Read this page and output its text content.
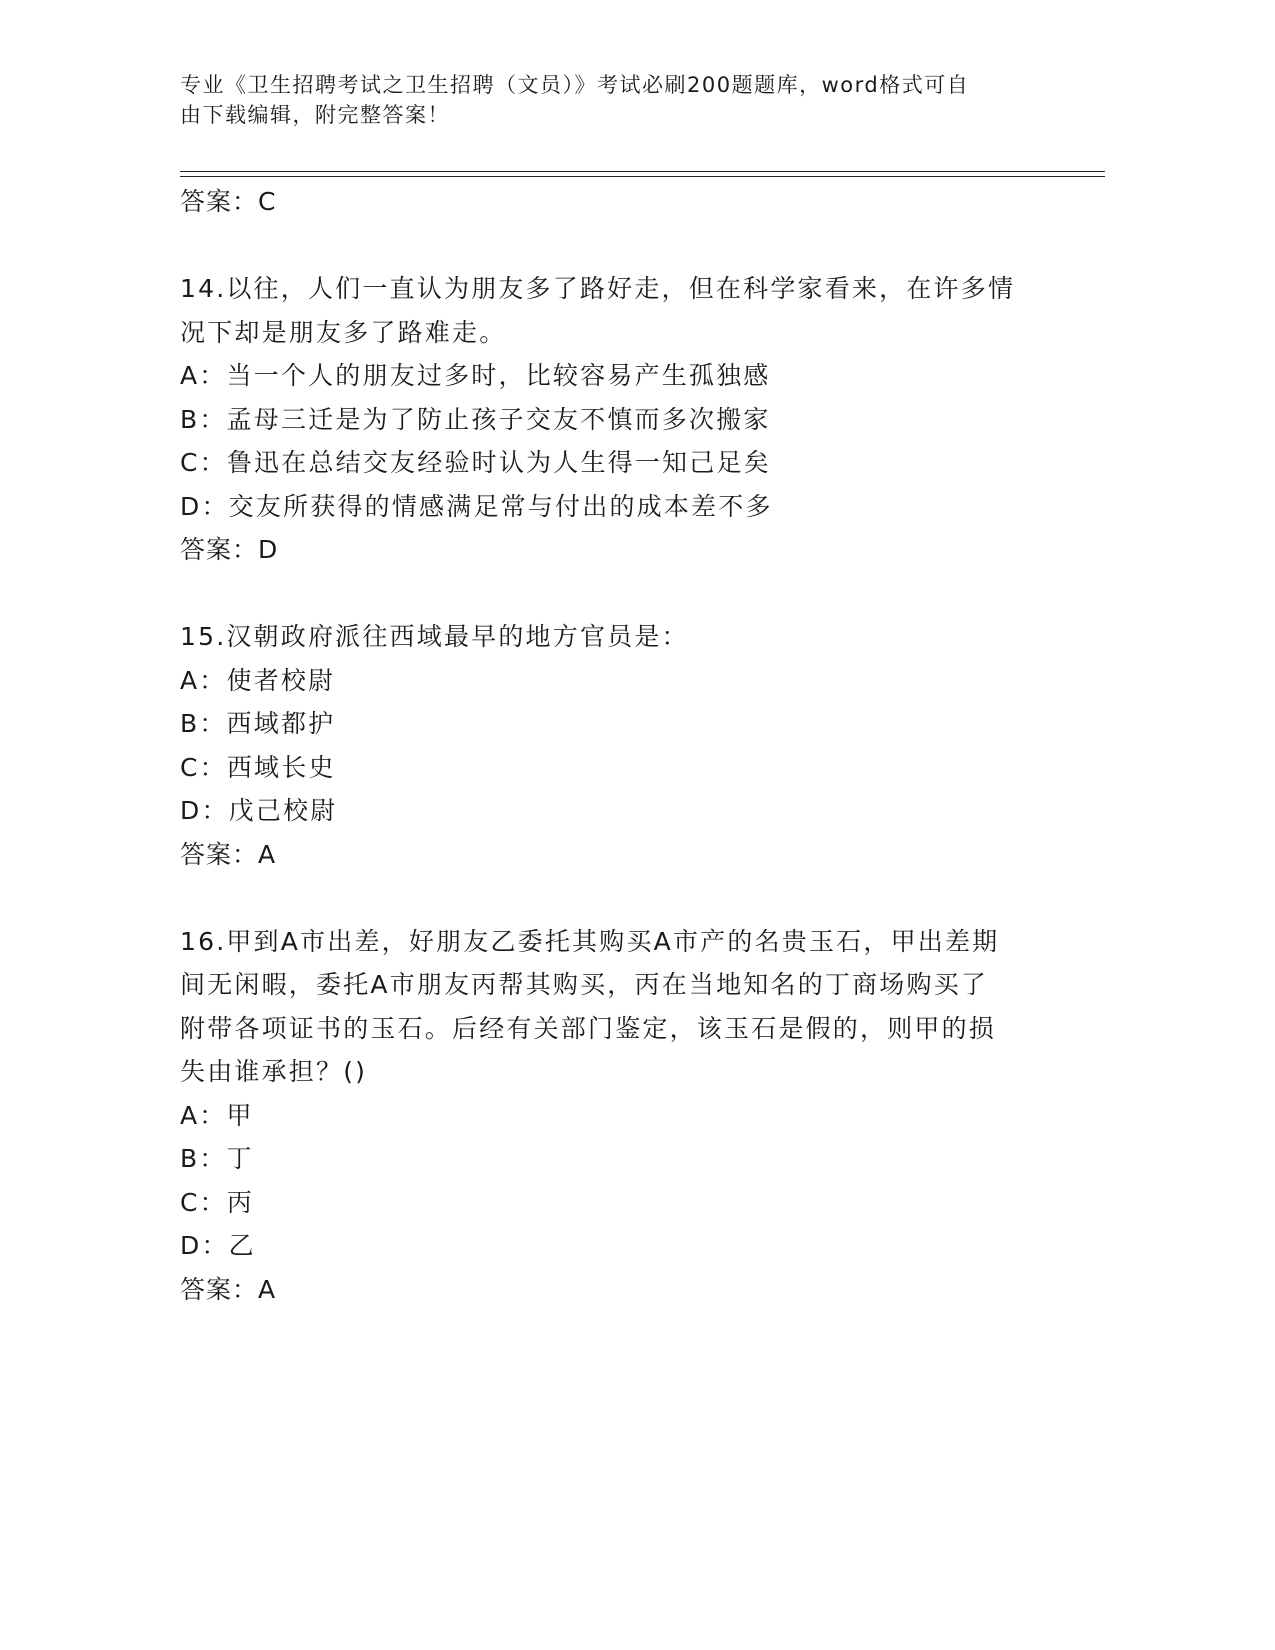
专业《卫生招聘考试之卫生招聘（文员）》考试必刷200题题库，word格式可自
由下载编辑，附完整答案！
答案：C
14.以往，人们一直认为朋友多了路好走，但在科学家看来，在许多情
况下却是朋友多了路难走。
A：当一个人的朋友过多时，比较容易产生孤独感
B：孟母三迁是为了防止孩子交友不慎而多次搬家
C：鲁迅在总结交友经验时认为人生得一知己足矣
D：交友所获得的情感满足常与付出的成本差不多
答案：D
15.汉朝政府派往西域最早的地方官员是：
A：使者校尉
B：西域都护
C：西域长史
D：戊己校尉
答案：A
16.甲到A市出差，好朋友乙委托其购买A市产的名贵玉石，甲出差期
间无闲暇，委托A市朋友丙帮其购买，丙在当地知名的丁商场购买了
附带各项证书的玉石。后经有关部门鉴定，该玉石是假的，则甲的损
失由谁承担？()
A：甲
B：丁
C：丙
D：乙
答案：A
